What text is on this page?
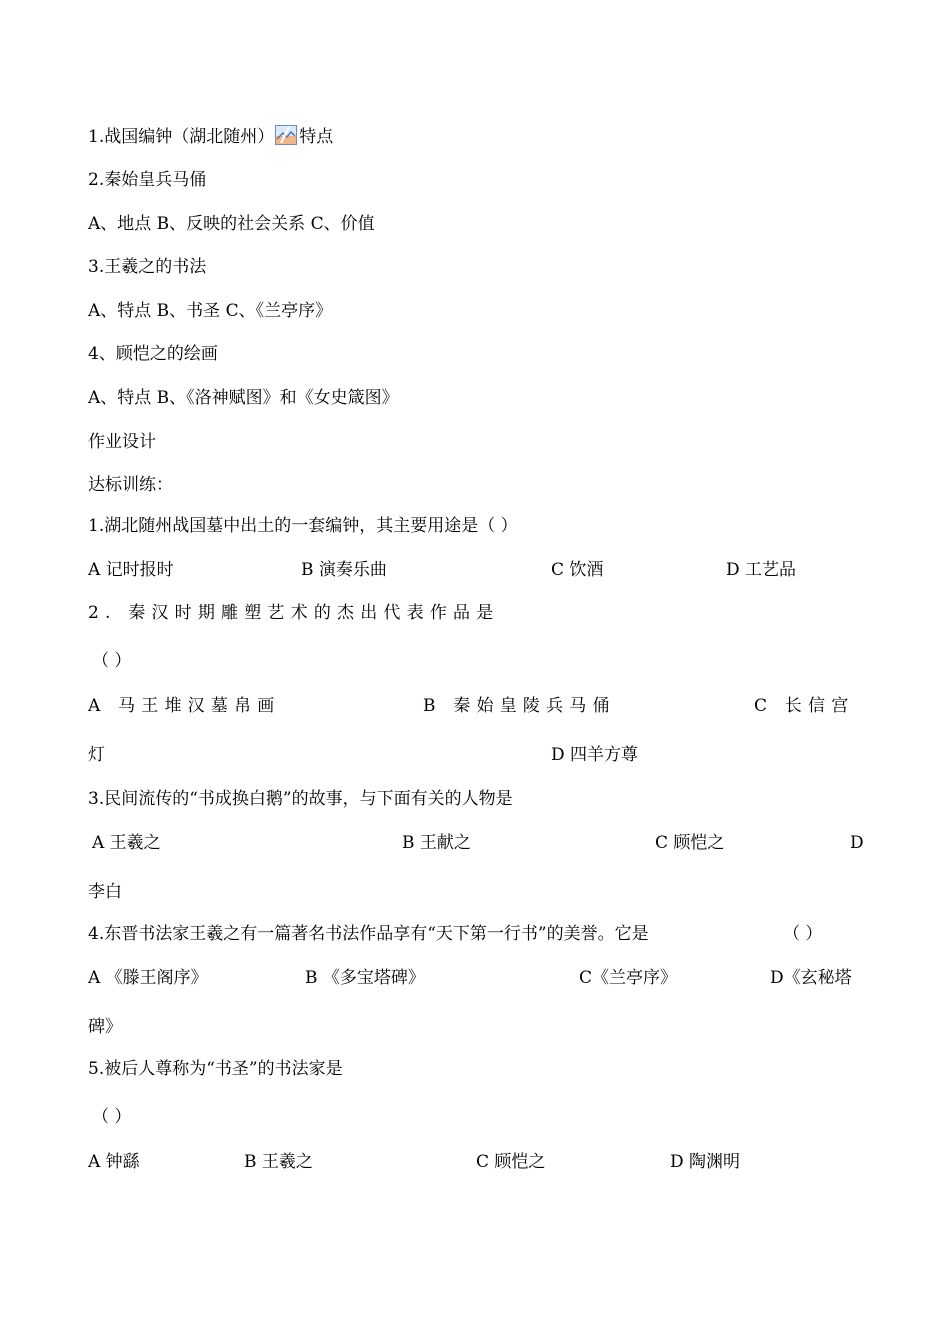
1.战国编钟（湖北随州） 特点
2.秦始皇兵马俑
A、地点 B、反映的社会关系 C、价值
3.王羲之的书法
A、特点 B、书圣 C、《兰亭序》
4、顾恺之的绘画
A、特点 B、《洛神赋图》和《女史箴图》
作业设计
达标训练：
1.湖北随州战国墓中出土的一套编钟，其主要用途是（ ）
A 记时报时	B 演奏乐曲	C 饮酒	D 工艺品
2. 秦汉时期雕塑艺术的杰出代表作品是
（ ）
A 马王堆汉墓帛画	B 秦始皇陵兵马俑	C 长信宫
灯	D 四羊方尊
3.民间流传的“书成换白鹅”的故事，与下面有关的人物是
A 王羲之	B 王献之	C 顾恺之	D
李白
4.东晋书法家王羲之有一篇著名书法作品享有“天下第一行书”的美誉。它是	（ ）
A 《滕王阁序》	B 《多宝塔碑》	C《兰亭序》	D《玄秘塔
碑》
5.被后人尊称为“书圣”的书法家是
（ ）
A 钟繇	B 王羲之	C 顾恺之	D 陶渊明
